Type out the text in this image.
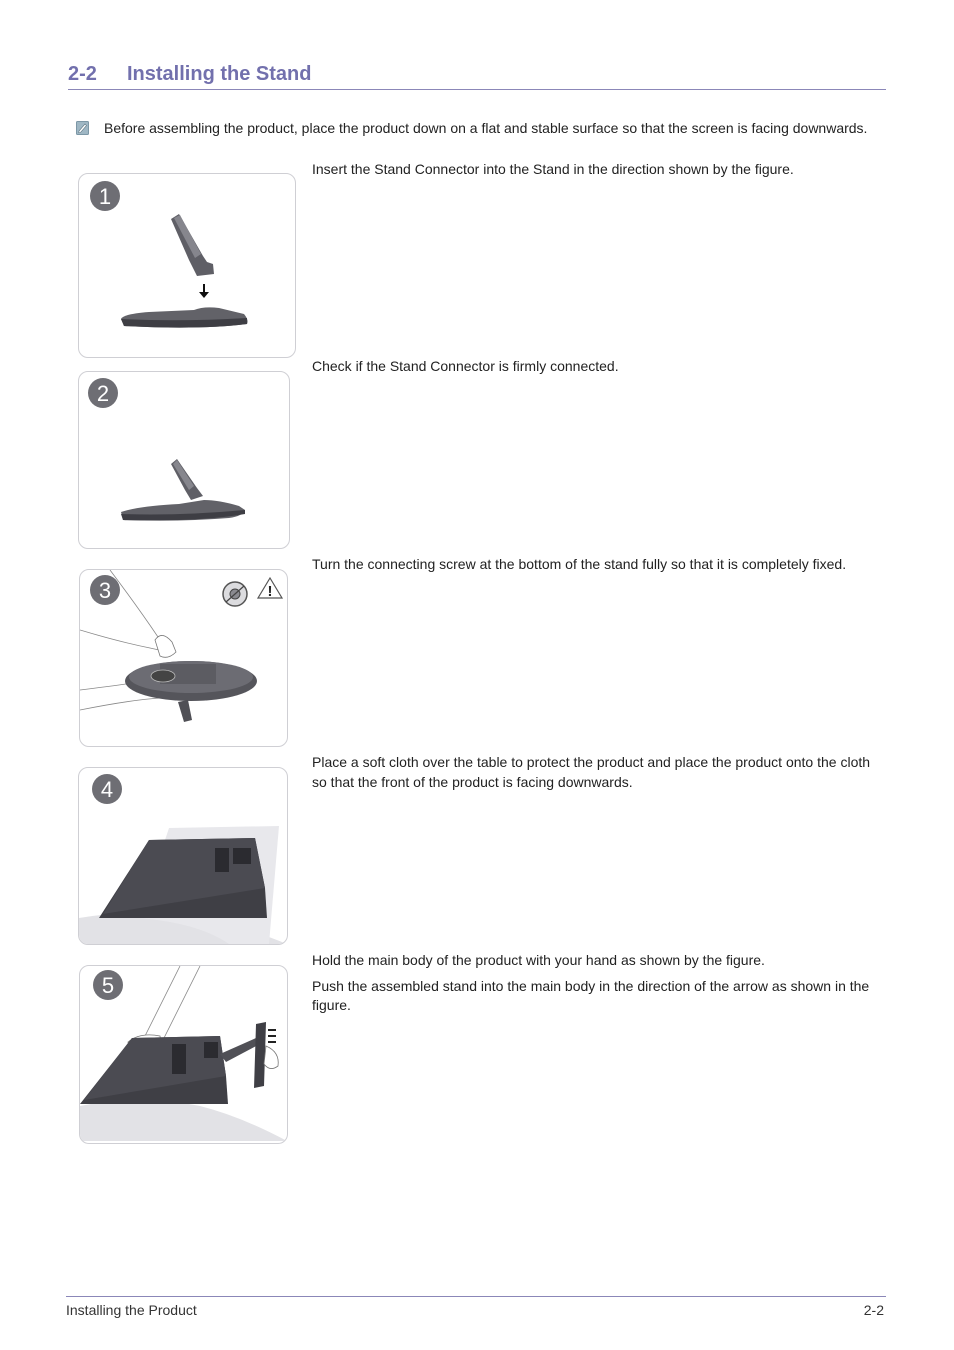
2-2 Installing the Stand
Before assembling the product, place the product down on a flat and stable surface so that the screen is facing downwards.
1

Insert the Stand Connector into the Stand in the direction shown by the figure.

2

Check if the Stand Connector is firmly connected.

3	!

Turn the connecting screw at the bottom of the stand fully so that it is completely fixed.

4

Place a soft cloth over the table to protect the product and place the product onto the cloth so that the front of the product is facing downwards.

5

Hold the main body of the product with your hand as shown by the figure.

Push the assembled stand into the main body in the direction of the arrow as shown in the figure.

Installing the Product	2-2
